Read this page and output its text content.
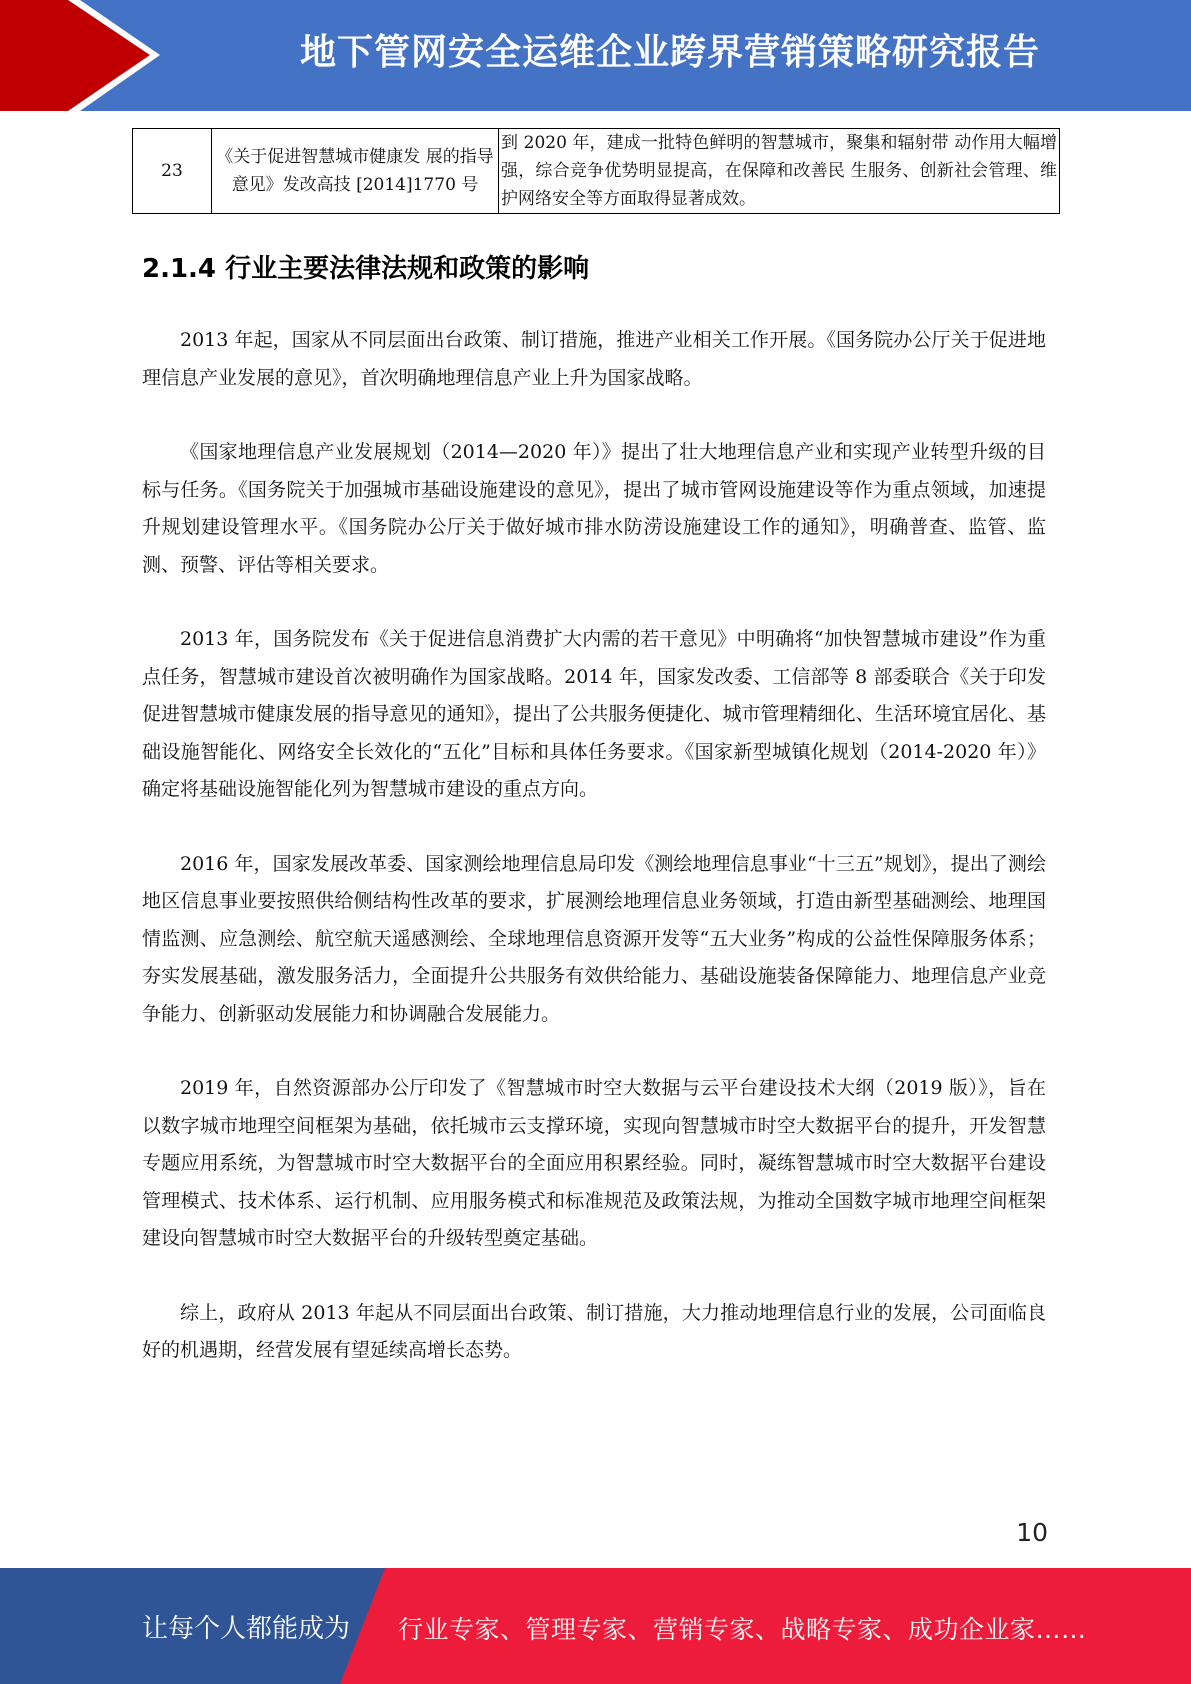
地下管网安全运维企业跨界营销策略研究报告
23	《关于促进智慧城市健康发 展的指导意见》发改高技 [2014]1770 号	到 2020 年，建成一批特色鲜明的智慧城市，聚集和辐射带 动作用大幅增强，综合竞争优势明显提高，在保障和改善民 生服务、创新社会管理、维护网络安全等方面取得显著成效。
2.1.4 行业主要法律法规和政策的影响

2013 年起，国家从不同层面出台政策、制订措施，推进产业相关工作开展。《国务院办公厅关于促进地理信息产业发展的意见》，首次明确地理信息产业上升为国家战略。

《国家地理信息产业发展规划（2014—2020 年）》提出了壮大地理信息产业和实现产业转型升级的目标与任务。《国务院关于加强城市基础设施建设的意见》，提出了城市管网设施建设等作为重点领域，加速提升规划建设管理水平。《国务院办公厅关于做好城市排水防涝设施建设工作的通知》，明确普查、监管、监测、预警、评估等相关要求。

2013 年，国务院发布《关于促进信息消费扩大内需的若干意见》中明确将“加快智慧城市建设”作为重点任务，智慧城市建设首次被明确作为国家战略。2014 年，国家发改委、工信部等 8 部委联合《关于印发促进智慧城市健康发展的指导意见的通知》，提出了公共服务便捷化、城市管理精细化、生活环境宜居化、基础设施智能化、网络安全长效化的“五化”目标和具体任务要求。《国家新型城镇化规划（2014-2020 年）》确定将基础设施智能化列为智慧城市建设的重点方向。

2016 年，国家发展改革委、国家测绘地理信息局印发《测绘地理信息事业“十三五”规划》，提出了测绘地区信息事业要按照供给侧结构性改革的要求，扩展测绘地理信息业务领域，打造由新型基础测绘、地理国情监测、应急测绘、航空航天遥感测绘、全球地理信息资源开发等“五大业务”构成的公益性保障服务体系；夯实发展基础，激发服务活力，全面提升公共服务有效供给能力、基础设施装备保障能力、地理信息产业竞争能力、创新驱动发展能力和协调融合发展能力。

2019 年，自然资源部办公厅印发了《智慧城市时空大数据与云平台建设技术大纲（2019 版）》，旨在以数字城市地理空间框架为基础，依托城市云支撑环境，实现向智慧城市时空大数据平台的提升，开发智慧专题应用系统，为智慧城市时空大数据平台的全面应用积累经验。同时，凝练智慧城市时空大数据平台建设管理模式、技术体系、运行机制、应用服务模式和标准规范及政策法规，为推动全国数字城市地理空间框架建设向智慧城市时空大数据平台的升级转型奠定基础。

综上，政府从 2013 年起从不同层面出台政策、制订措施，大力推动地理信息行业的发展，公司面临良好的机遇期，经营发展有望延续高增长态势。

10
让每个人都能成为 行业专家、管理专家、营销专家、战略专家、成功企业家……
